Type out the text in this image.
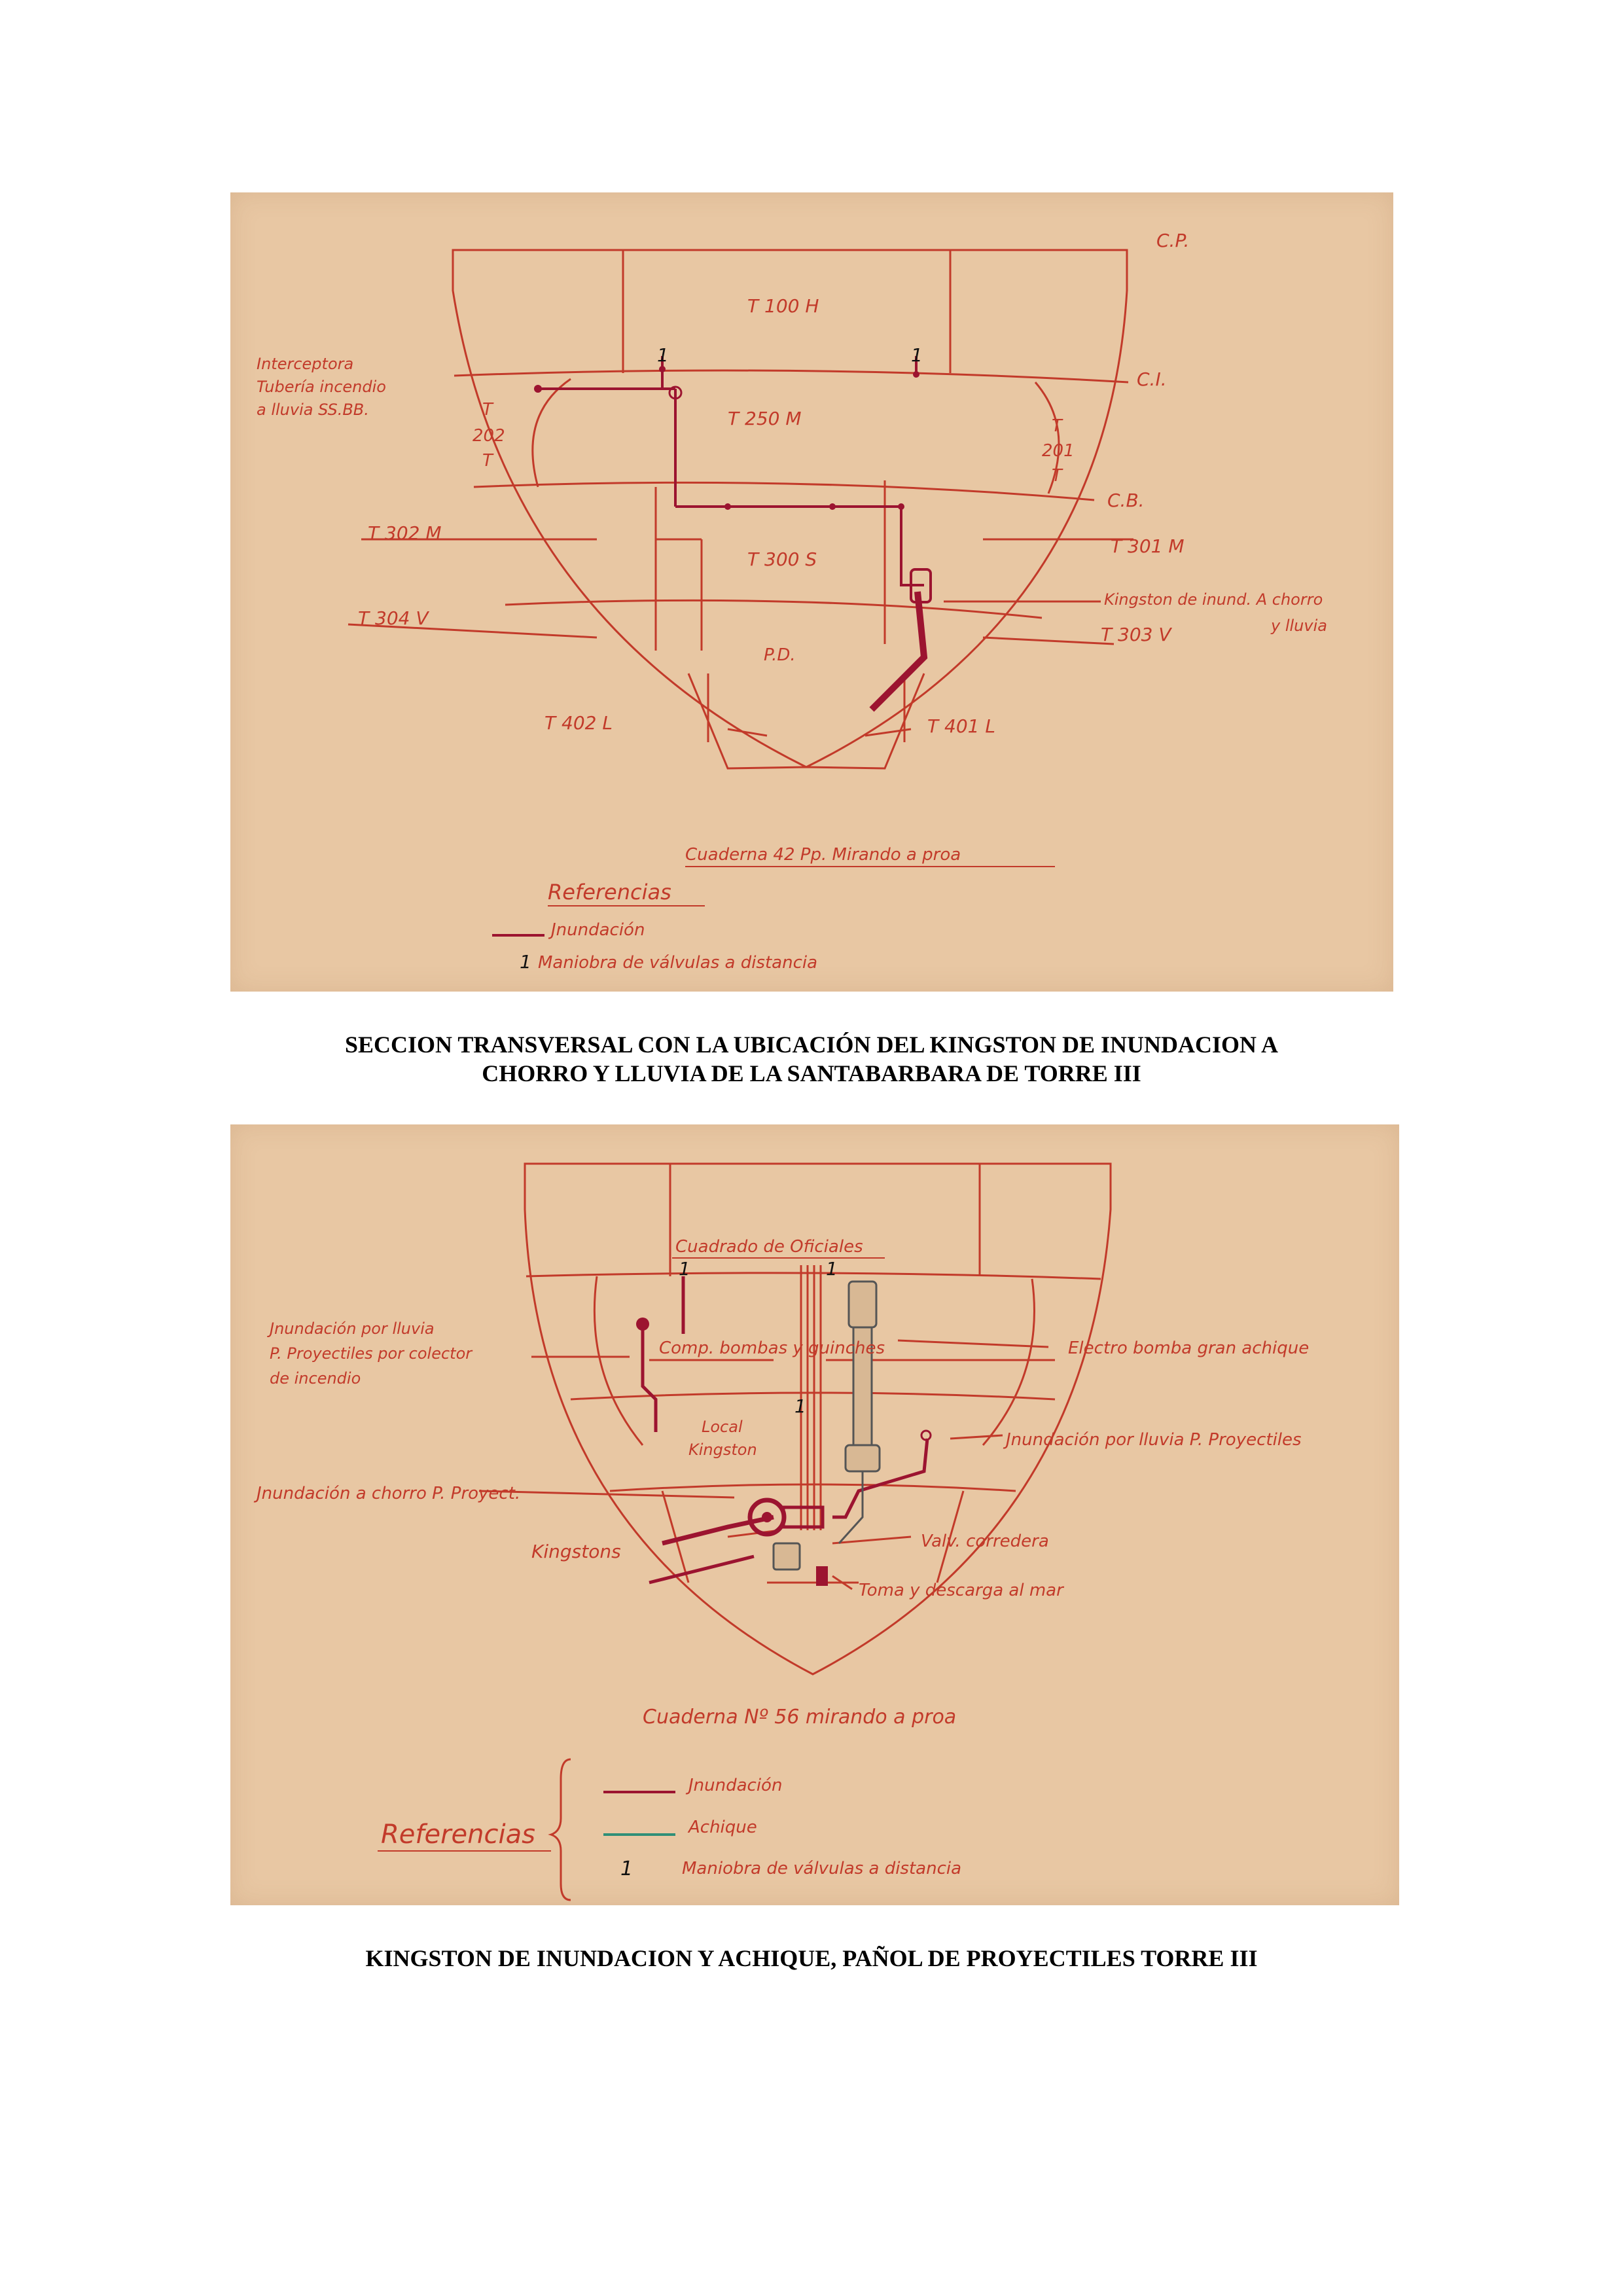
C.P.
C.I.
C.B.
T 100 H
T 250 M
T
202
T
T
201
T
T 302 M
T 301 M
T 300 S
T 304 V
T 303 V
P.D.
T 402 L	T 401 L
Interceptora
Tubería incendio
a lluvia SS.BB.
Kingston de inund. A chorro
y lluvia
1	1
Cuaderna 42 Pp. Mirando a proa
Referencias
Jnundación
1 Maniobra de válvulas a distancia
SECCION TRANSVERSAL CON LA UBICACIÓN DEL KINGSTON DE INUNDACION A
CHORRO Y LLUVIA DE LA SANTABARBARA DE TORRE III
Cuadrado de Oficiales
1	1
1
Jnundación por lluvia
P. Proyectiles por colector
de incendio
Comp. bombas y guinches	Electro bomba gran achique
Local
Kingston	Jnundación por lluvia P. Proyectiles
Jnundación a chorro P. Proyect.
Kingstons	Valv. corredera
Toma y descarga al mar
Cuaderna Nº 56 mirando a proa
Referencias
Jnundación
Achique
1	Maniobra de válvulas a distancia
KINGSTON DE INUNDACION Y ACHIQUE, PAÑOL DE PROYECTILES TORRE III
